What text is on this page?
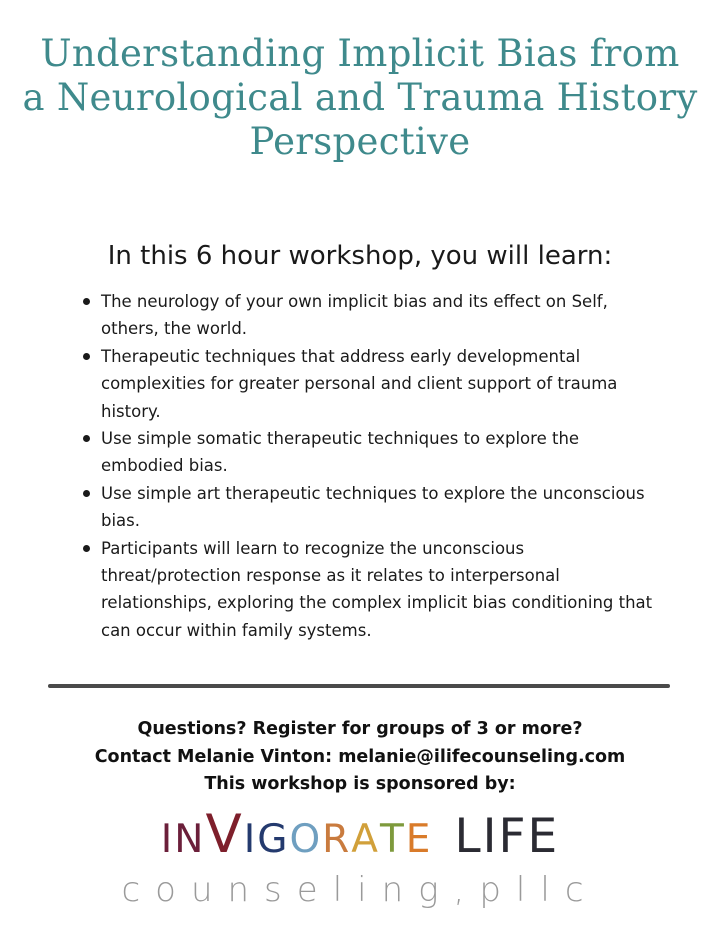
Understanding Implicit Bias from
a Neurological and Trauma History
Perspective
In this 6 hour workshop, you will learn:
The neurology of your own implicit bias and its effect on Self, others, the world.
Therapeutic techniques that address early developmental complexities for greater personal and client support of trauma history.
Use simple somatic therapeutic techniques to explore the embodied bias.
Use simple art therapeutic techniques to explore the unconscious bias.
Participants will learn to recognize the unconscious threat/protection response as it relates to interpersonal relationships, exploring the complex implicit bias conditioning that can occur within family systems.
Questions? Register for groups of 3 or more?
Contact Melanie Vinton: melanie@ilifecounseling.com
This workshop is sponsored by:
INVIGORATE LIFE
counseling,pllc
